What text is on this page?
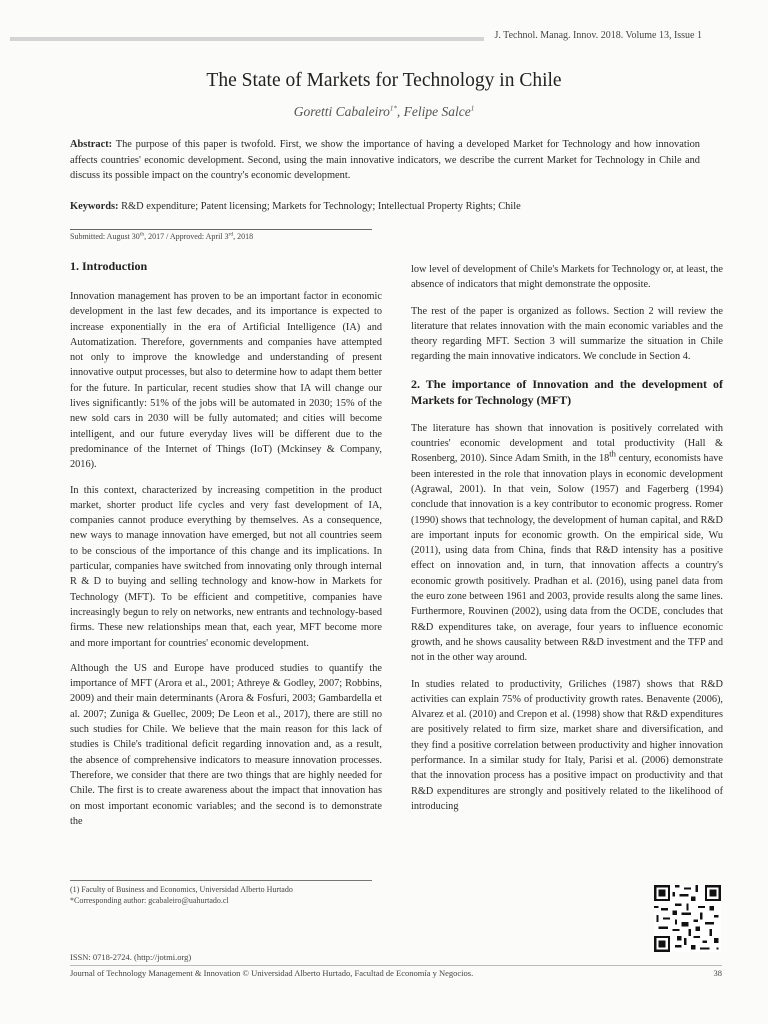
J. Technol. Manag. Innov. 2018. Volume 13, Issue 1
The State of Markets for Technology in Chile
Goretti Cabaleiro$^{1*}$, Felipe Salce$^1$
Abstract: The purpose of this paper is twofold. First, we show the importance of having a developed Market for Technology and how innovation affects countries' economic development. Second, using the main innovative indicators, we describe the current Market for Technology in Chile and discuss its possible impact on the country's economic development.
Keywords: R&D expenditure; Patent licensing; Markets for Technology; Intellectual Property Rights; Chile
Submitted: August 30th, 2017 / Approved: April 3rd, 2018
1. Introduction

Innovation management has proven to be an important factor in economic development in the last few decades, and its importance is expected to increase exponentially in the era of Artificial Intelligence (IA) and Automatization. Therefore, governments and companies have attempted not only to improve the knowledge and understanding of present innovative output processes, but also to determine how to adapt them better for the future. In particular, recent studies show that IA will change our lives significantly: 51% of the jobs will be automated in 2030; 15% of the new sold cars in 2030 will be fully automated; and cities will become intelligent, and our future everyday lives will be different due to the predominance of the Internet of Things (IoT) (Mckinsey & Company, 2016).

In this context, characterized by increasing competition in the product market, shorter product life cycles and very fast development of IA, companies cannot produce everything by themselves. As a consequence, new ways to manage innovation have emerged, but not all countries seem to be conscious of the importance of this change and its implications. In particular, companies have switched from innovating only through internal R & D to buying and selling technology and know-how in Markets for Technology (MFT). To be efficient and competitive, companies have increasingly begun to rely on networks, new entrants and technology-based firms. These new relationships mean that, each year, MFT become more and more important for countries' economic development.

Although the US and Europe have produced studies to quantify the importance of MFT (Arora et al., 2001; Athreye & Godley, 2007; Robbins, 2009) and their main determinants (Arora & Fosfuri, 2003; Gambardella et al. 2007; Zuniga & Guellec, 2009; De Leon et al., 2017), there are still no such studies for Chile. We believe that the main reason for this lack of studies is Chile's traditional deficit regarding innovation and, as a result, the absence of comprehensive indicators to measure innovation processes. Therefore, we consider that there are two things that are highly needed for Chile. The first is to create awareness about the impact that innovation has on most important economic variables; and the second is to demonstrate the

low level of development of Chile's Markets for Technology or, at least, the absence of indicators that might demonstrate the opposite.

The rest of the paper is organized as follows. Section 2 will review the literature that relates innovation with the main economic variables and the theory regarding MFT. Section 3 will summarize the situation in Chile regarding the main innovative indicators. We conclude in Section 4.

2. The importance of Innovation and the development of Markets for Technology (MFT)

The literature has shown that innovation is positively correlated with countries' economic development and total productivity (Hall & Rosenberg, 2010). Since Adam Smith, in the 18th century, economists have been interested in the role that innovation plays in economic development (Agrawal, 2001). In that vein, Solow (1957) and Fagerberg (1994) conclude that innovation is a key contributor to economic progress. Romer (1990) shows that technology, the development of human capital, and R&D are important inputs for economic growth. On the empirical side, Wu (2011), using data from China, finds that R&D intensity has a positive effect on innovation and, in turn, that innovation affects a country's economic growth positively. Pradhan et al. (2016), using panel data from the euro zone between 1961 and 2003, provide results along the same lines. Furthermore, Rouvinen (2002), using data from the OCDE, concludes that R&D expenditures take, on average, four years to influence economic growth, and he shows causality between R&D investment and the TFP and not in the other way around.

In studies related to productivity, Griliches (1987) shows that R&D activities can explain 75% of productivity growth rates. Benavente (2006), Alvarez et al. (2010) and Crepon et al. (1998) show that R&D expenditures are positively related to firm size, market share and diversification, and they find a positive correlation between productivity and higher innovation performance. In a similar study for Italy, Parisi et al. (2006) demonstrate that the innovation process has a positive impact on productivity and that R&D expenditures are strongly and positively related to the likelihood of introducing

(1) Faculty of Business and Economics, Universidad Alberto Hurtado
*Corresponding author: gcabaleiro@uahurtado.cl
ISSN: 0718-2724. (http://jotmi.org)
Journal of Technology Management & Innovation © Universidad Alberto Hurtado, Facultad de Economía y Negocios.	38
